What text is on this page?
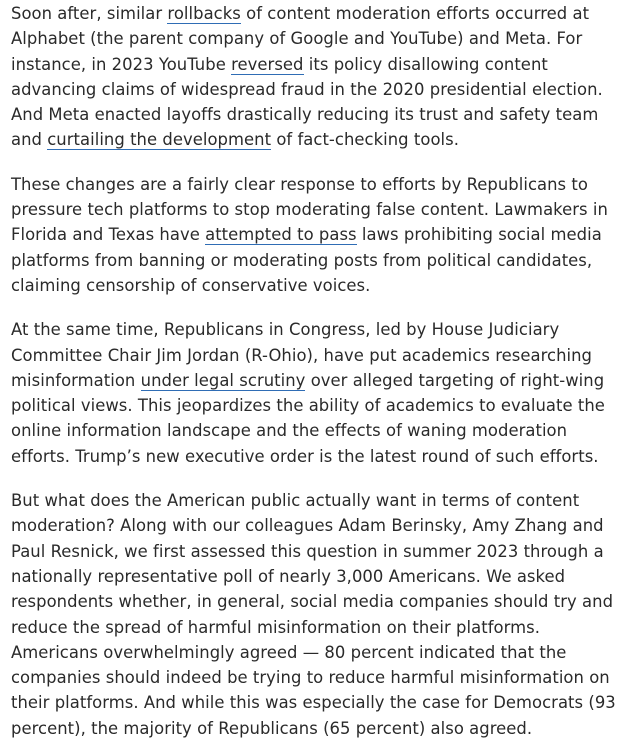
Soon after, similar rollbacks of content moderation efforts occurred at Alphabet (the parent company of Google and YouTube) and Meta. For instance, in 2023 YouTube reversed its policy disallowing content advancing claims of widespread fraud in the 2020 presidential election. And Meta enacted layoffs drastically reducing its trust and safety team and curtailing the development of fact-checking tools.

These changes are a fairly clear response to efforts by Republicans to pressure tech platforms to stop moderating false content. Lawmakers in Florida and Texas have attempted to pass laws prohibiting social media platforms from banning or moderating posts from political candidates, claiming censorship of conservative voices.

At the same time, Republicans in Congress, led by House Judiciary Committee Chair Jim Jordan (R-Ohio), have put academics researching misinformation under legal scrutiny over alleged targeting of right-wing political views. This jeopardizes the ability of academics to evaluate the online information landscape and the effects of waning moderation efforts. Trump’s new executive order is the latest round of such efforts.

But what does the American public actually want in terms of content moderation? Along with our colleagues Adam Berinsky, Amy Zhang and Paul Resnick, we first assessed this question in summer 2023 through a nationally representative poll of nearly 3,000 Americans. We asked respondents whether, in general, social media companies should try and reduce the spread of harmful misinformation on their platforms. Americans overwhelmingly agreed — 80 percent indicated that the companies should indeed be trying to reduce harmful misinformation on their platforms. And while this was especially the case for Democrats (93 percent), the majority of Republicans (65 percent) also agreed.
